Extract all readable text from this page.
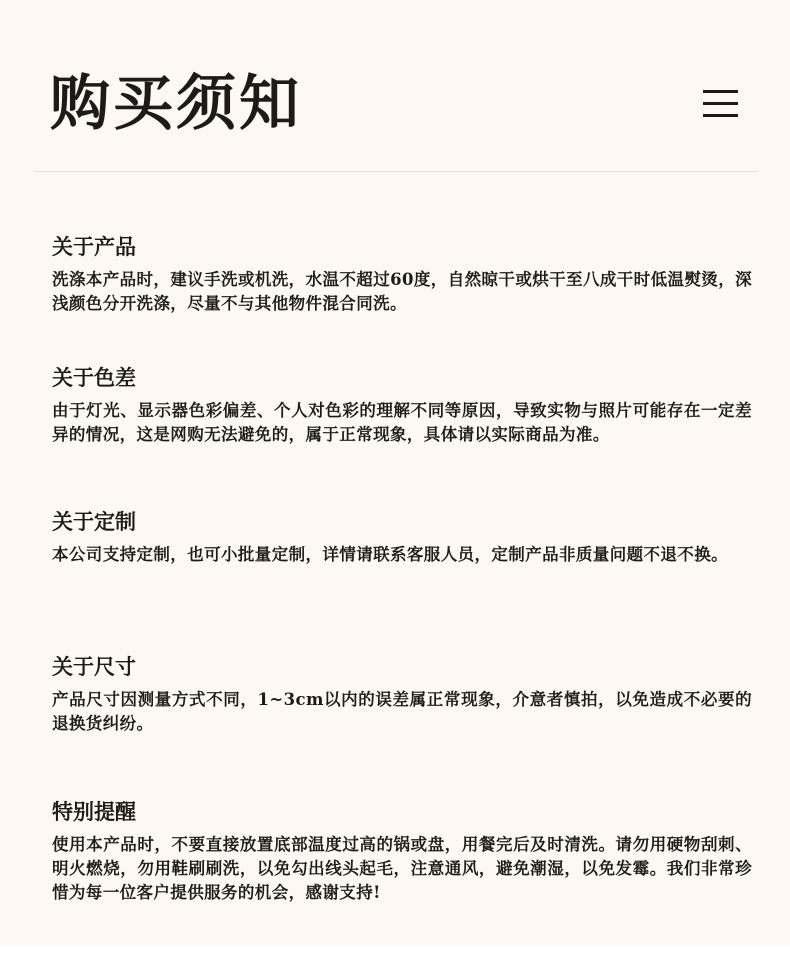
购买须知
关于产品

洗涤本产品时，建议手洗或机洗，水温不超过60度，自然晾干或烘干至八成干时低温熨烫，深浅颜色分开洗涤，尽量不与其他物件混合同洗。

关于色差

由于灯光、显示器色彩偏差、个人对色彩的理解不同等原因，导致实物与照片可能存在一定差异的情况，这是网购无法避免的，属于正常现象，具体请以实际商品为准。

关于定制

本公司支持定制，也可小批量定制，详情请联系客服人员，定制产品非质量问题不退不换。

关于尺寸

产品尺寸因测量方式不同，1~3cm以内的误差属正常现象，介意者慎拍，以免造成不必要的退换货纠纷。

特别提醒

使用本产品时，不要直接放置底部温度过高的锅或盘，用餐完后及时清洗。请勿用硬物刮刺、明火燃烧，勿用鞋刷刷洗，以免勾出线头起毛，注意通风，避免潮湿，以免发霉。我们非常珍惜为每一位客户提供服务的机会，感谢支持!
